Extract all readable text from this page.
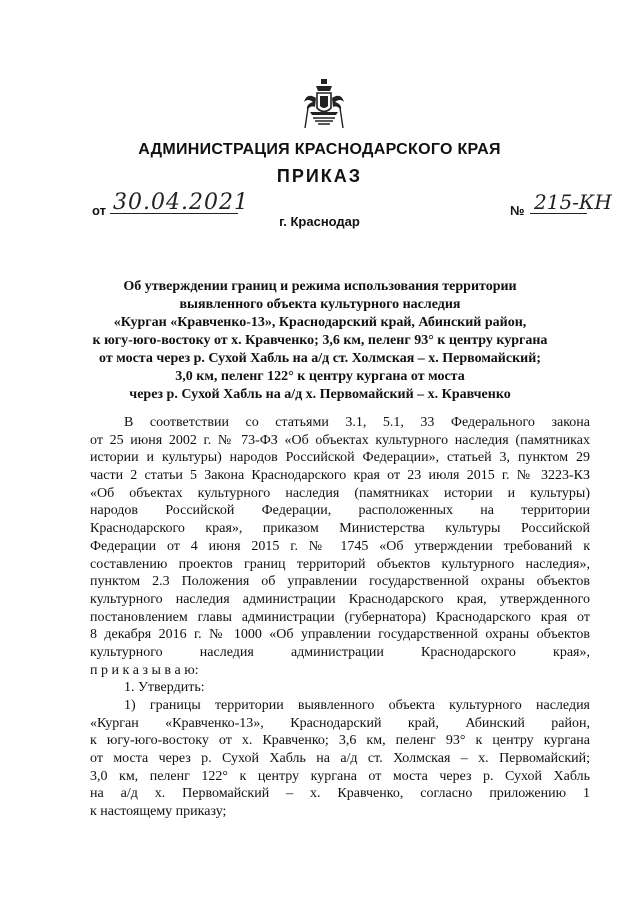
АДМИНИСТРАЦИЯ КРАСНОДАРСКОГО КРАЯ
ПРИКАЗ
от 30.04.2021	№ 215-КН
г. Краснодар
Об утверждении границ и режима использования территории
выявленного объекта культурного наследия
«Курган «Кравченко-13», Краснодарский край, Абинский район,
к югу-юго-востоку от х. Кравченко; 3,6 км, пеленг 93° к центру кургана
от моста через р. Сухой Хабль на а/д ст. Холмская – х. Первомайский;
3,0 км, пеленг 122° к центру кургана от моста
через р. Сухой Хабль на а/д х. Первомайский – х. Кравченко
В соответствии со статьями 3.1, 5.1, 33 Федерального закона
от 25 июня 2002 г. № 73-ФЗ «Об объектах культурного наследия (памятниках
истории и культуры) народов Российской Федерации», статьей 3, пунктом 29
части 2 статьи 5 Закона Краснодарского края от 23 июля 2015 г. № 3223-КЗ
«Об объектах культурного наследия (памятниках истории и культуры)
народов Российской Федерации, расположенных на территории
Краснодарского края», приказом Министерства культуры Российской
Федерации от 4 июня 2015 г. № 1745 «Об утверждении требований к
составлению проектов границ территорий объектов культурного наследия»,
пунктом 2.3 Положения об управлении государственной охраны объектов
культурного наследия администрации Краснодарского края, утвержденного
постановлением главы администрации (губернатора) Краснодарского края от
8 декабря 2016 г. № 1000 «Об управлении государственной охраны объектов
культурного наследия администрации Краснодарского края»,
п р и к а з ы в а ю:
1. Утвердить:
1) границы территории выявленного объекта культурного наследия
«Курган «Кравченко-13», Краснодарский край, Абинский район,
к югу-юго-востоку от х. Кравченко; 3,6 км, пеленг 93° к центру кургана
от моста через р. Сухой Хабль на а/д ст. Холмская – х. Первомайский;
3,0 км, пеленг 122° к центру кургана от моста через р. Сухой Хабль
на а/д х. Первомайский – х. Кравченко, согласно приложению 1
к настоящему приказу;
